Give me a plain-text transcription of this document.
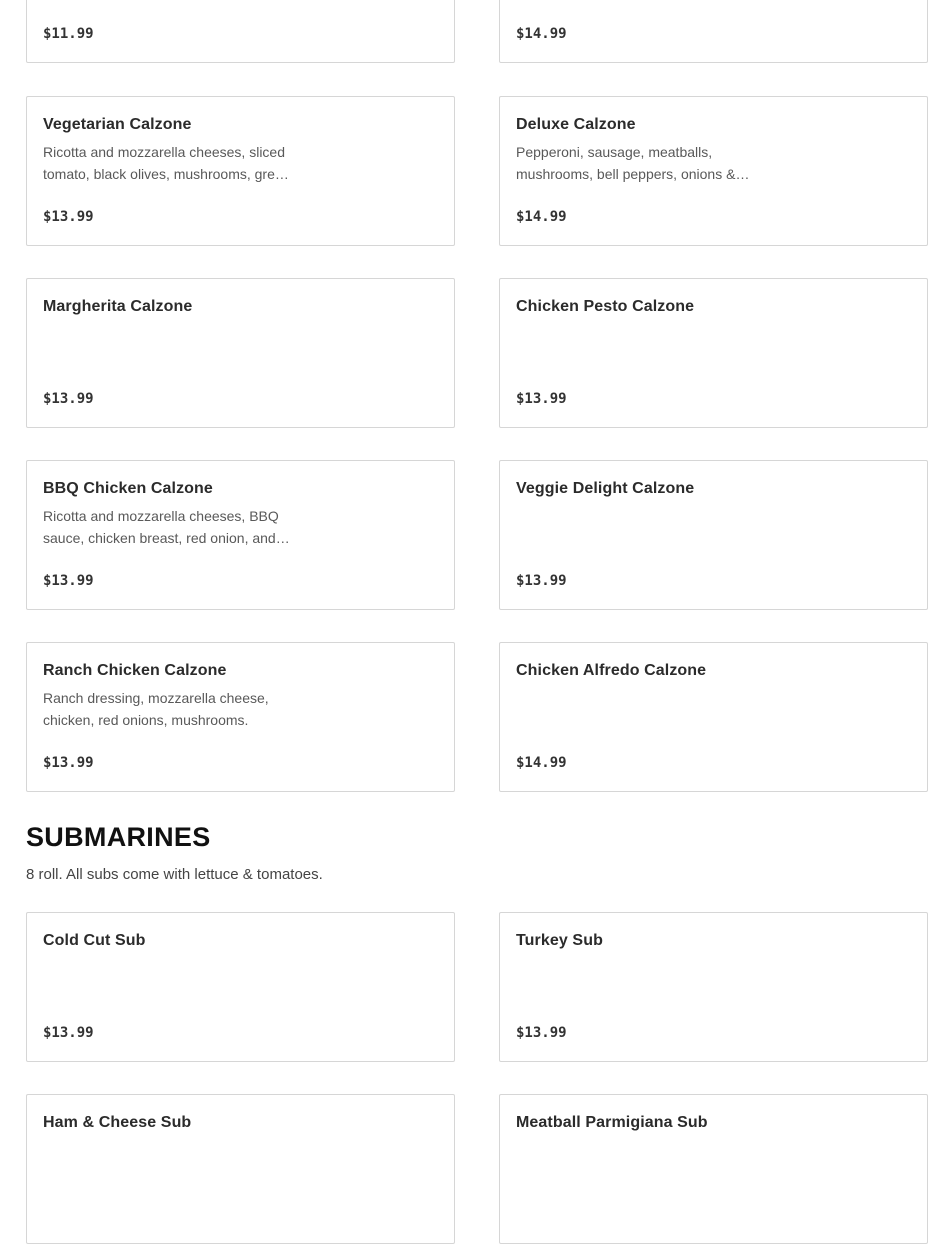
$11.99	$14.99
Vegetarian Calzone
Ricotta and mozzarella cheeses, sliced tomato, black olives, mushrooms, gre…
$13.99
Deluxe Calzone
Pepperoni, sausage, meatballs, mushrooms, bell peppers, onions &…
$14.99
Margherita Calzone
$13.99
Chicken Pesto Calzone
$13.99
BBQ Chicken Calzone
Ricotta and mozzarella cheeses, BBQ sauce, chicken breast, red onion, and…
$13.99
Veggie Delight Calzone
$13.99
Ranch Chicken Calzone
Ranch dressing, mozzarella cheese, chicken, red onions, mushrooms.
$13.99
Chicken Alfredo Calzone
$14.99
SUBMARINES

8 roll. All subs come with lettuce & tomatoes.

Cold Cut Sub
$13.99
Turkey Sub
$13.99
Ham & Cheese Sub	Meatball Parmigiana Sub
